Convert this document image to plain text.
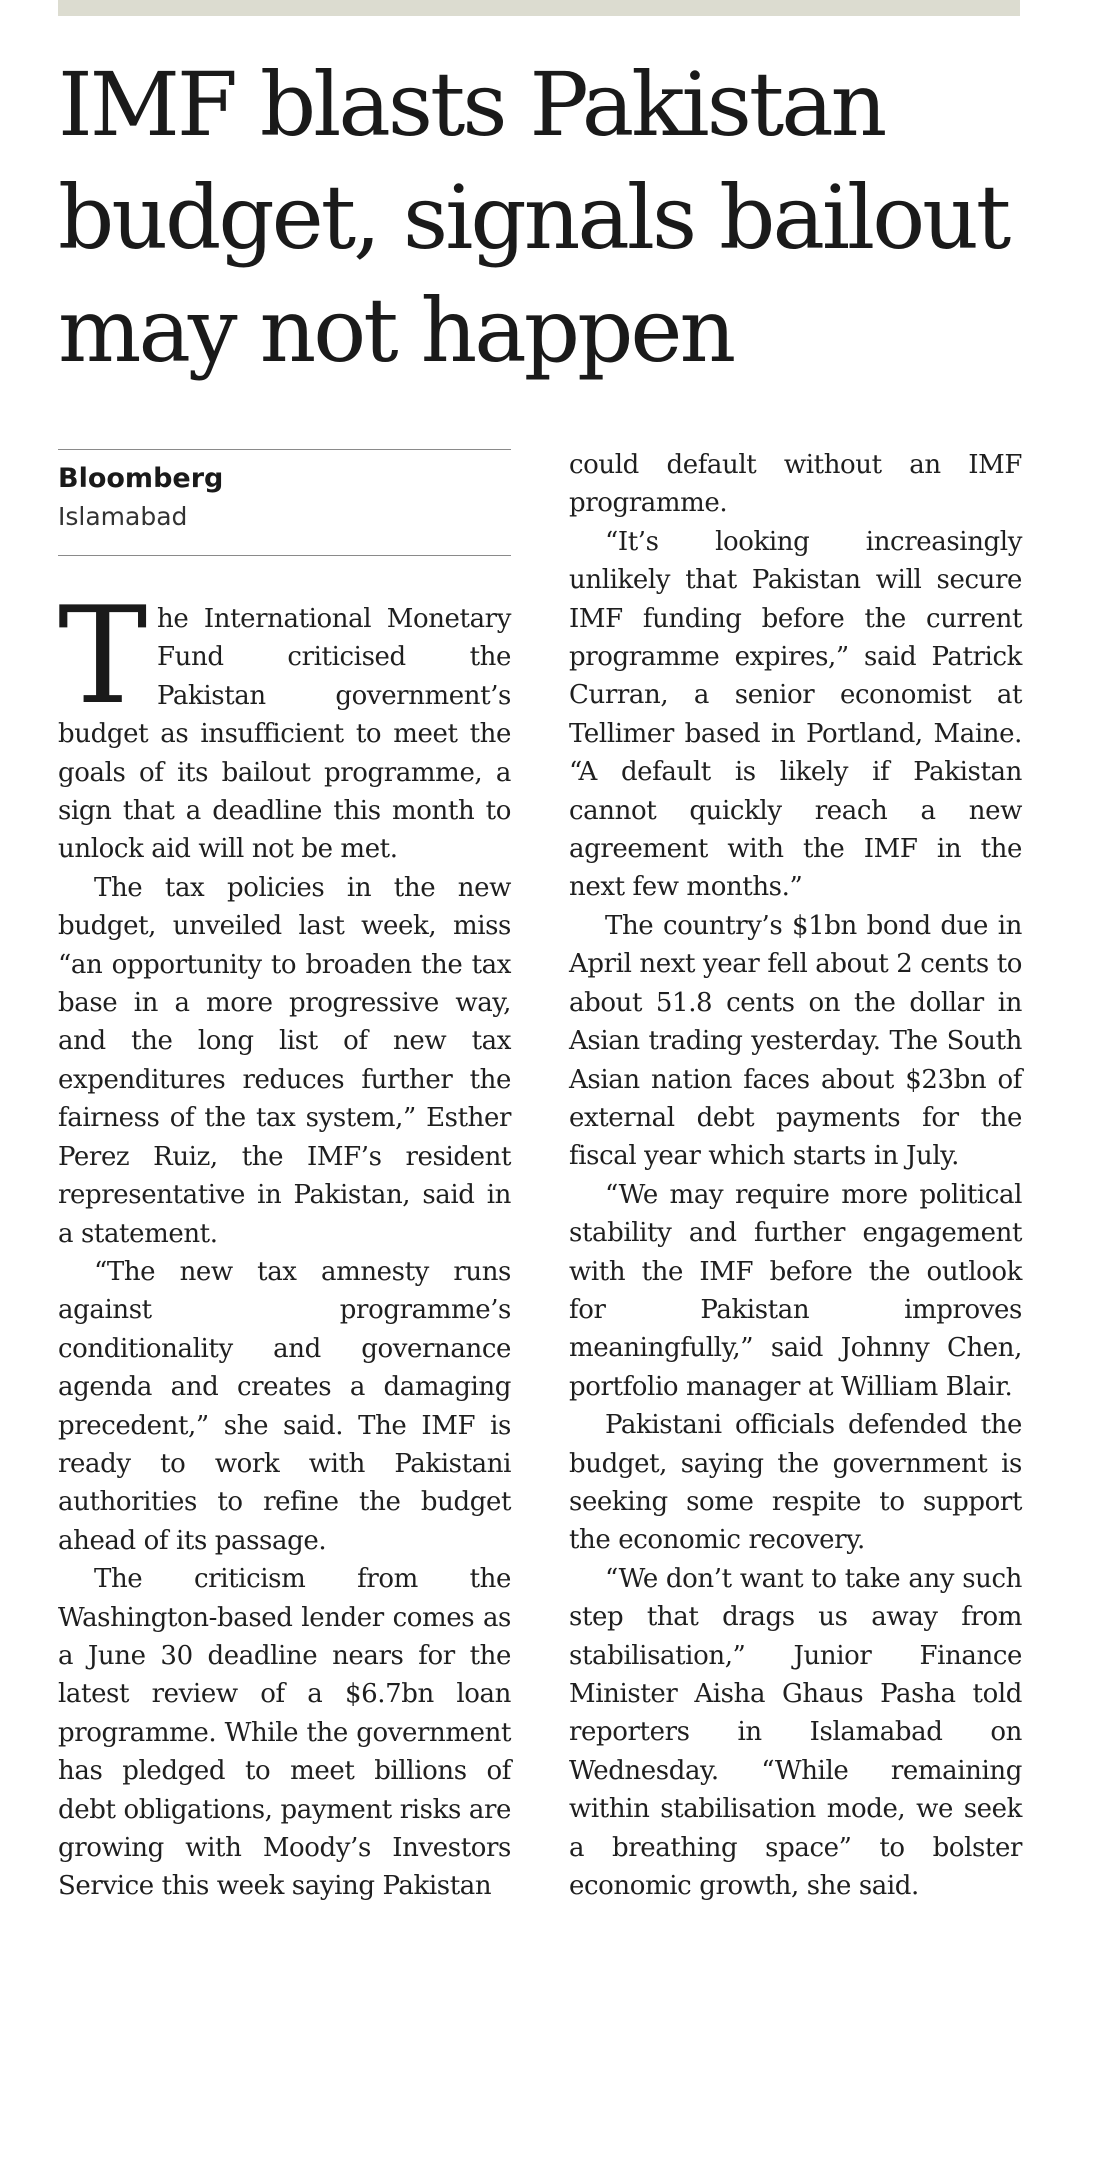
IMF blasts Pakistan budget, signals bailout may not happen
Bloomberg
Islamabad

The International Monetary Fund criticised the Pakistan government’s budget as insufficient to meet the goals of its bailout programme, a sign that a deadline this month to unlock aid will not be met.

The tax policies in the new budget, unveiled last week, miss “an opportunity to broaden the tax base in a more progressive way, and the long list of new tax expenditures reduces further the fairness of the tax system,” Esther Perez Ruiz, the IMF’s resident representative in Pakistan, said in a statement.

“The new tax amnesty runs against programme’s conditionality and governance agenda and creates a damaging precedent,” she said. The IMF is ready to work with Pakistani authorities to refine the budget ahead of its passage.

The criticism from the Washington-based lender comes as a June 30 deadline nears for the latest review of a $6.7bn loan programme. While the government has pledged to meet billions of debt obligations, payment risks are growing with Moody’s Investors Service this week saying Pakistan

could default without an IMF programme.

“It’s looking increasingly unlikely that Pakistan will secure IMF funding before the current programme expires,” said Patrick Curran, a senior economist at Tellimer based in Portland, Maine. “A default is likely if Pakistan cannot quickly reach a new agreement with the IMF in the next few months.”

The country’s $1bn bond due in April next year fell about 2 cents to about 51.8 cents on the dollar in Asian trading yesterday. The South Asian nation faces about $23bn of external debt payments for the fiscal year which starts in July.

“We may require more political stability and further engagement with the IMF before the outlook for Pakistan improves meaningfully,” said Johnny Chen, portfolio manager at William Blair.

Pakistani officials defended the budget, saying the government is seeking some respite to support the economic recovery.

“We don’t want to take any such step that drags us away from stabilisation,” Junior Finance Minister Aisha Ghaus Pasha told reporters in Islamabad on Wednesday. “While remaining within stabilisation mode, we seek a breathing space” to bolster economic growth, she said.
